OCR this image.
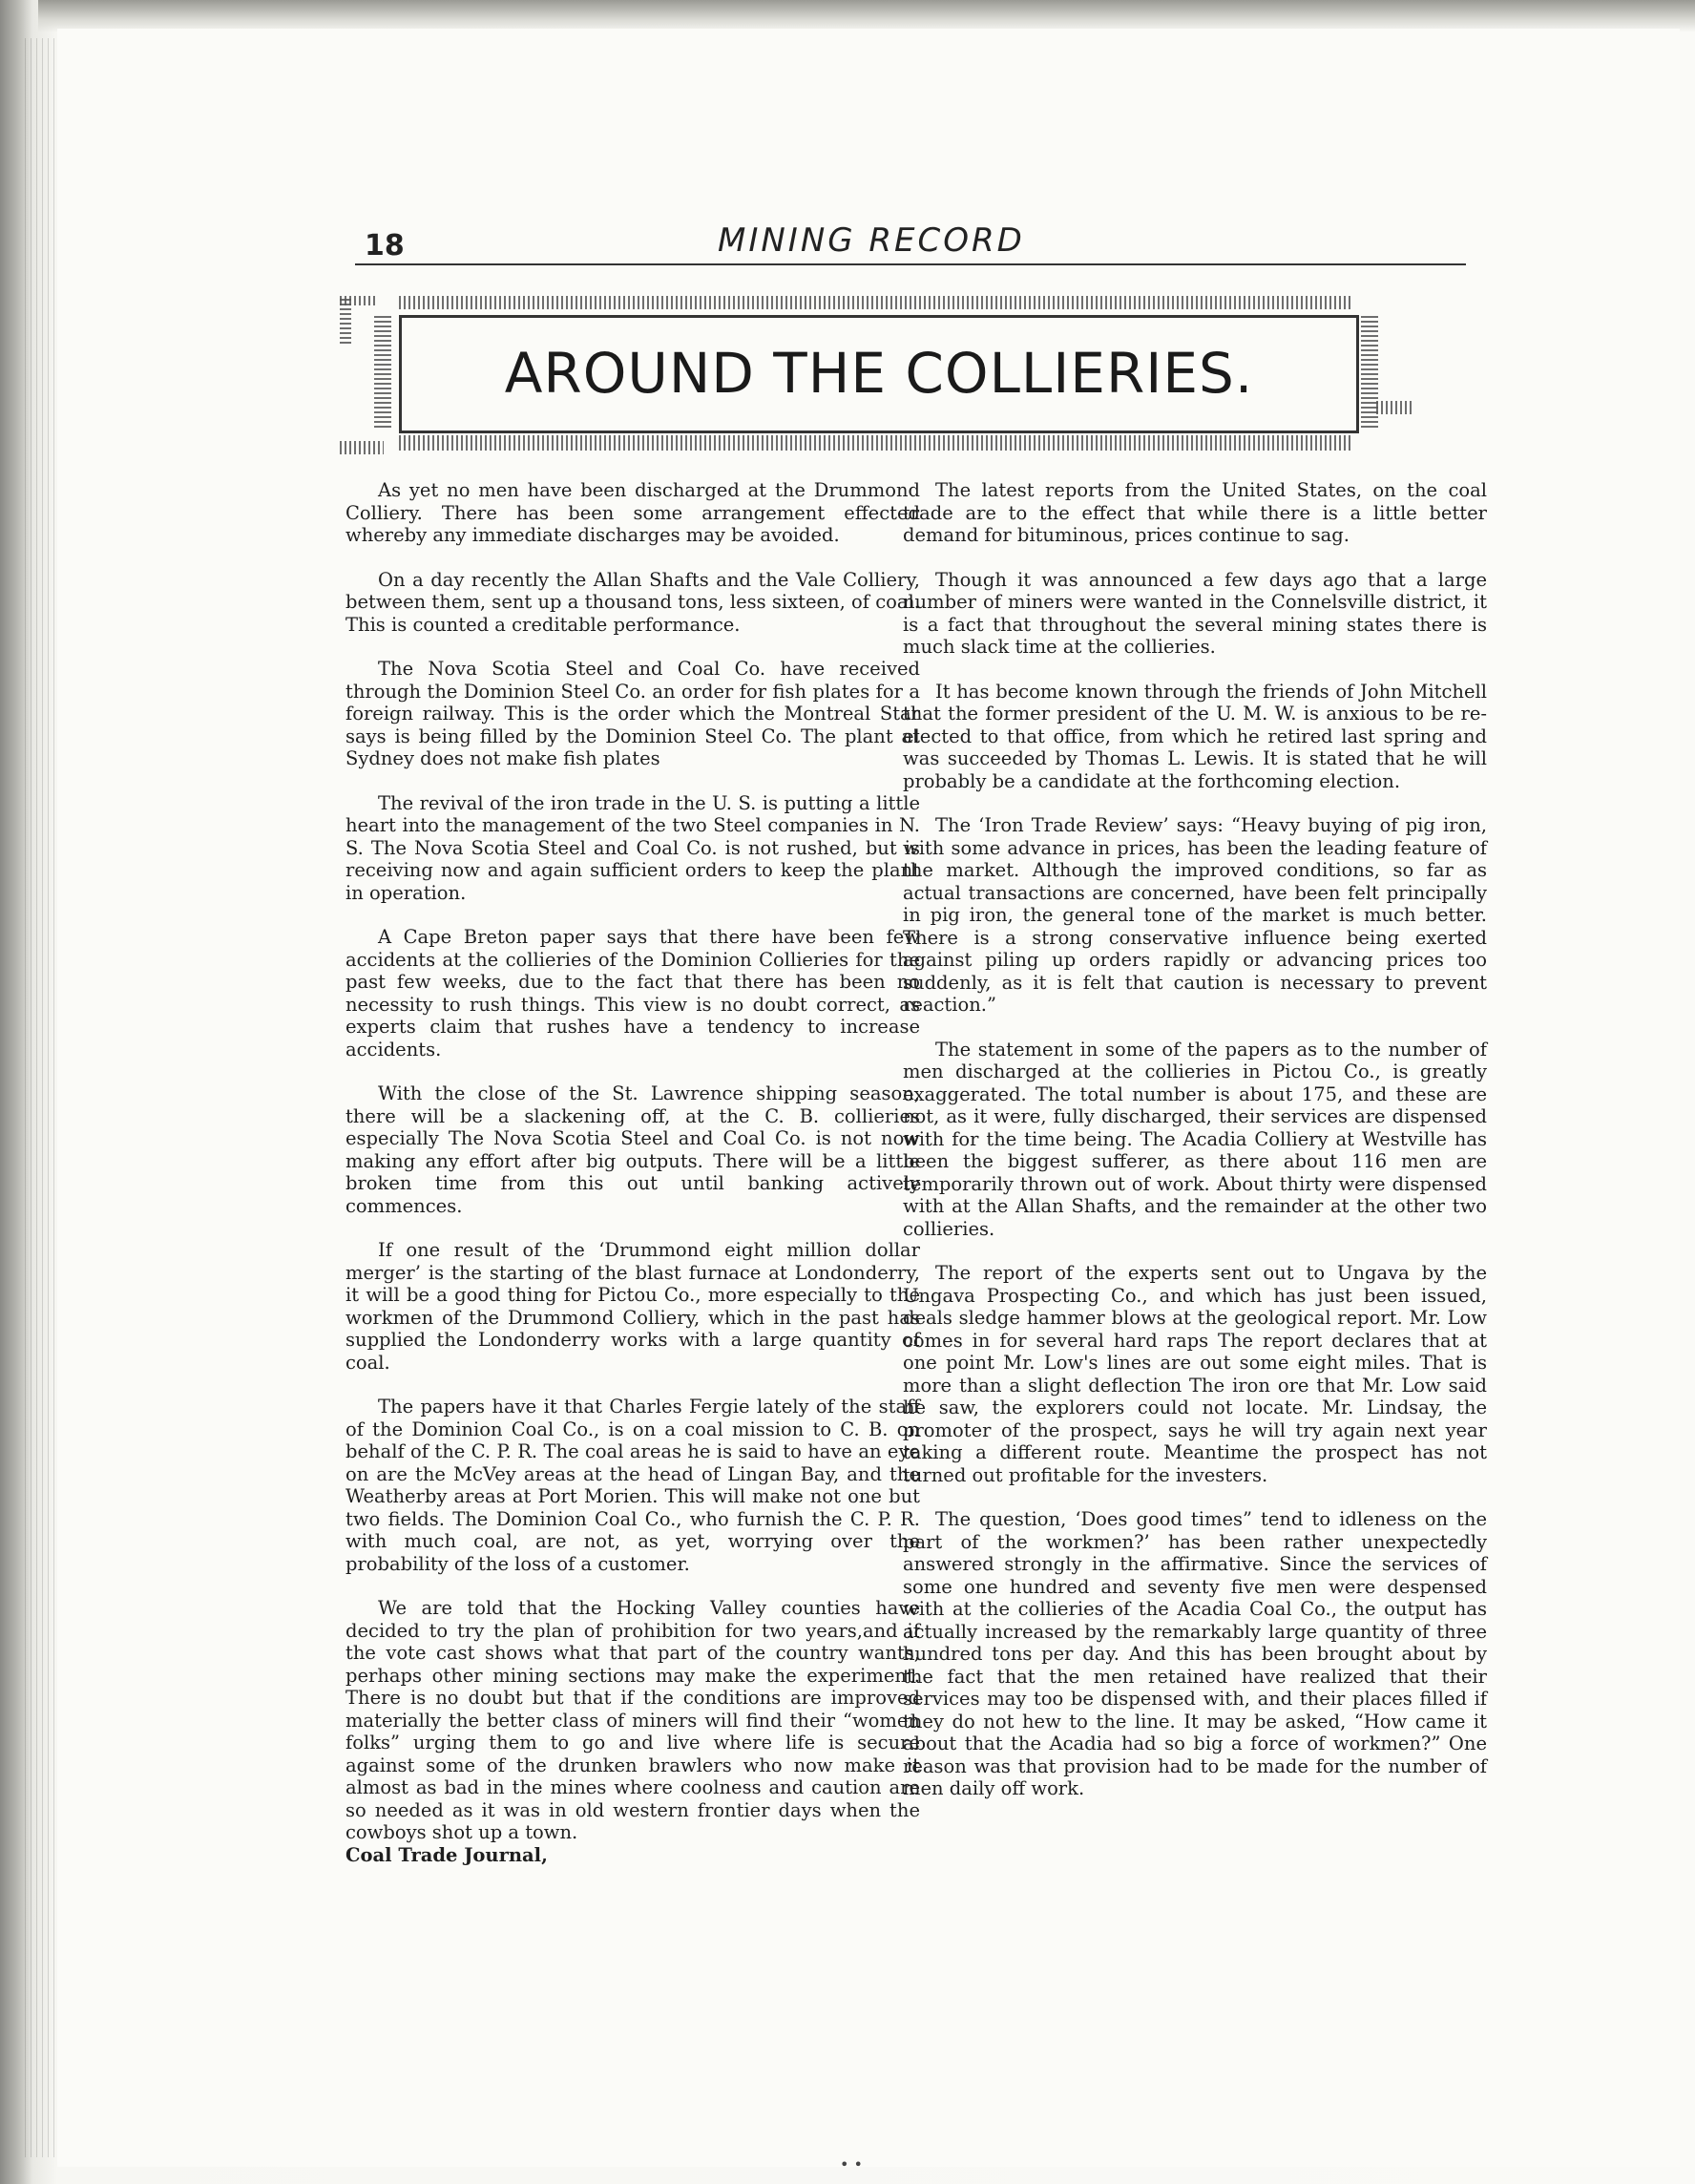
18	MINING RECORD
AROUND THE COLLIERIES.

As yet no men have been discharged at the Drummond Colliery. There has been some arrangement effected whereby any immediate discharges may be avoided.

On a day recently the Allan Shafts and the Vale Colliery, between them, sent up a thousand tons, less sixteen, of coal. This is counted a creditable performance.

The Nova Scotia Steel and Coal Co. have received through the Dominion Steel Co. an order for fish plates for a foreign railway. This is the order which the Montreal Star says is being filled by the Dominion Steel Co. The plant at Sydney does not make fish plates

The revival of the iron trade in the U. S. is putting a little heart into the management of the two Steel companies in N. S. The Nova Scotia Steel and Coal Co. is not rushed, but is receiving now and again sufficient orders to keep the plant in operation.

A Cape Breton paper says that there have been few accidents at the collieries of the Dominion Collieries for the past few weeks, due to the fact that there has been no necessity to rush things. This view is no doubt correct, as experts claim that rushes have a tendency to increase accidents.

With the close of the St. Lawrence shipping season, there will be a slackening off, at the C. B. collieries especially The Nova Scotia Steel and Coal Co. is not now making any effort after big outputs. There will be a little broken time from this out until banking actively commences.

If one result of the ‘Drummond eight million dollar merger’ is the starting of the blast furnace at Londonderry, it will be a good thing for Pictou Co., more especially to the workmen of the Drummond Colliery, which in the past has supplied the Londonderry works with a large quantity of coal.

The papers have it that Charles Fergie lately of the staff of the Dominion Coal Co., is on a coal mission to C. B. on behalf of the C. P. R. The coal areas he is said to have an eye on are the McVey areas at the head of Lingan Bay, and the Weatherby areas at Port Morien. This will make not one but two fields. The Dominion Coal Co., who furnish the C. P. R. with much coal, are not, as yet, worrying over the probability of the loss of a customer.

We are told that the Hocking Valley counties have decided to try the plan of prohibition for two years,and if the vote cast shows what that part of the country wants, perhaps other mining sections may make the experiment. There is no doubt but that if the conditions are improved materially the better class of miners will find their “women folks” urging them to go and live where life is secure against some of the drunken brawlers who now make it almost as bad in the mines where coolness and caution are so needed as it was in old western frontier days when the cowboys shot up a town.

Coal Trade Journal,

The latest reports from the United States, on the coal trade are to the effect that while there is a little better demand for bituminous, prices continue to sag.

Though it was announced a few days ago that a large number of miners were wanted in the Connelsville district, it is a fact that throughout the several mining states there is much slack time at the collieries.

It has become known through the friends of John Mitchell that the former president of the U. M. W. is anxious to be re-elected to that office, from which he retired last spring and was succeeded by Thomas L. Lewis. It is stated that he will probably be a candidate at the forthcoming election.

The ‘Iron Trade Review’ says: “Heavy buying of pig iron, with some advance in prices, has been the leading feature of the market. Although the improved conditions, so far as actual transactions are concerned, have been felt principally in pig iron, the general tone of the market is much better. There is a strong conservative influence being exerted against piling up orders rapidly or advancing prices too suddenly, as it is felt that caution is necessary to prevent reaction.”

The statement in some of the papers as to the number of men discharged at the collieries in Pictou Co., is greatly exaggerated. The total number is about 175, and these are not, as it were, fully discharged, their services are dispensed with for the time being. The Acadia Colliery at Westville has been the biggest sufferer, as there about 116 men are temporarily thrown out of work. About thirty were dispensed with at the Allan Shafts, and the remainder at the other two collieries.

The report of the experts sent out to Ungava by the Ungava Prospecting Co., and which has just been issued, deals sledge hammer blows at the geological report. Mr. Low comes in for several hard raps The report declares that at one point Mr. Low's lines are out some eight miles. That is more than a slight deflection The iron ore that Mr. Low said he saw, the explorers could not locate. Mr. Lindsay, the promoter of the prospect, says he will try again next year taking a different route. Meantime the prospect has not turned out profitable for the investers.

The question, ‘Does good times” tend to idleness on the part of the workmen?’ has been rather unexpectedly answered strongly in the affirmative. Since the services of some one hundred and seventy five men were despensed with at the collieries of the Acadia Coal Co., the output has actually increased by the remarkably large quantity of three hundred tons per day. And this has been brought about by the fact that the men retained have realized that their services may too be dispensed with, and their places filled if they do not hew to the line. It may be asked, “How came it about that the Acadia had so big a force of workmen?” One reason was that provision had to be made for the number of men daily off work.

• •
